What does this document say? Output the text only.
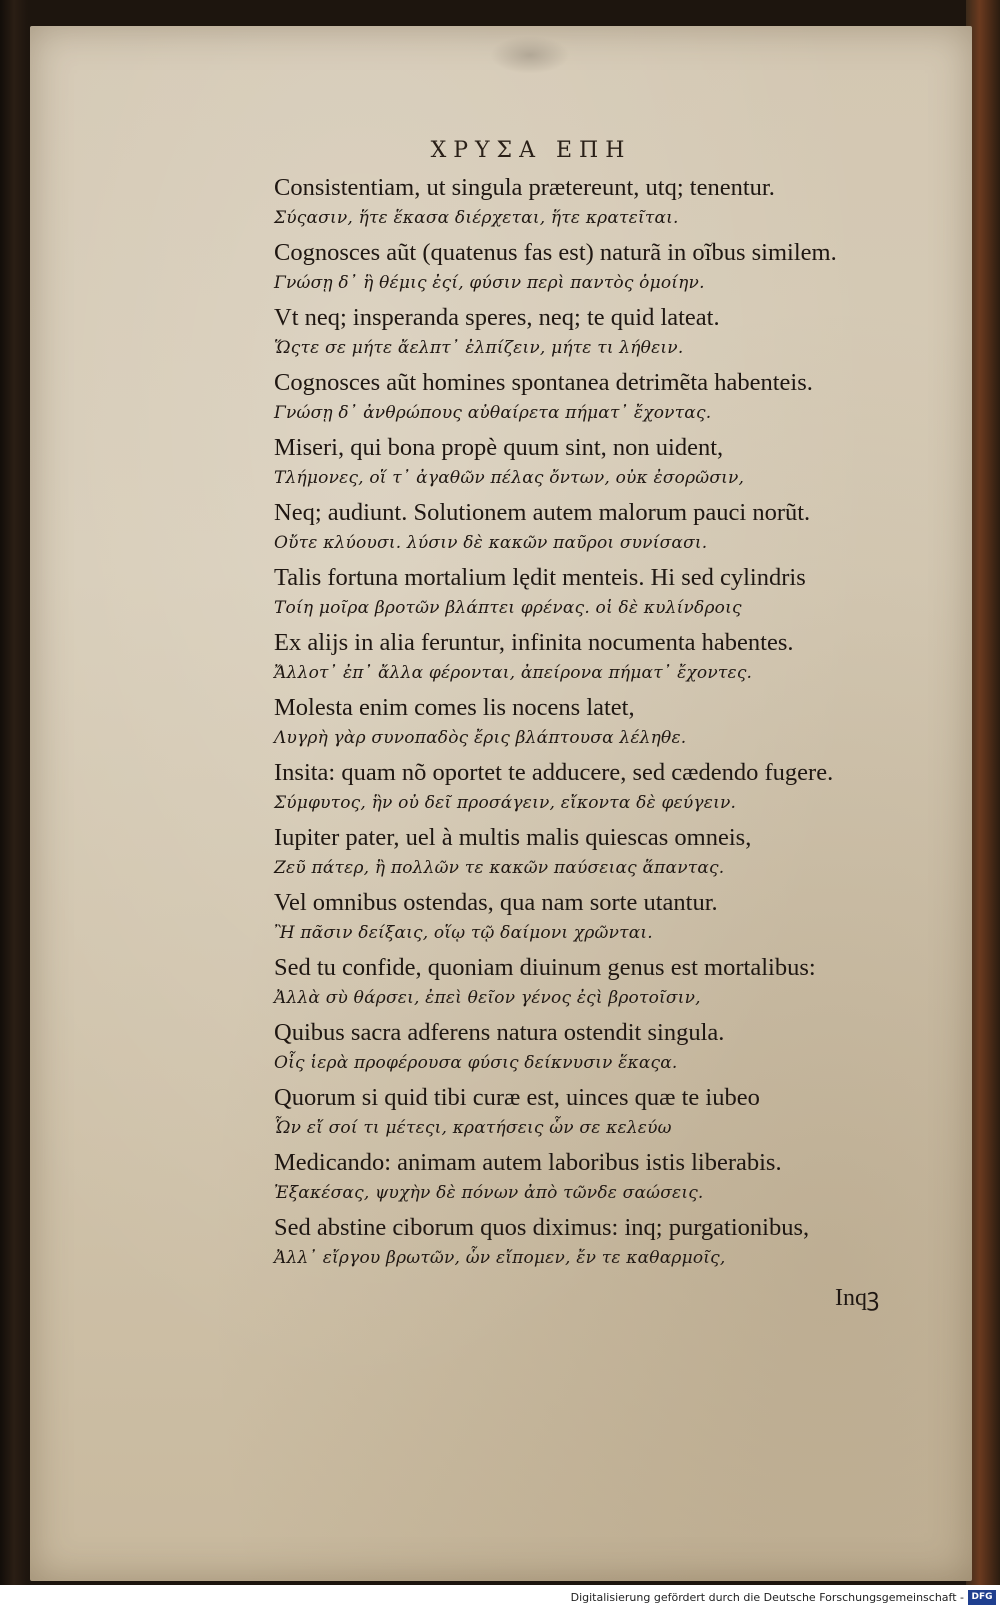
ΧΡΥΣΑ ΕΠΗ
Consistentiam, ut singula prætereunt, utq; tenentur.
Σύςασιν, ἥτε ἕκασα διέρχεται, ἥτε κρατεῖται.
Cognosces aũt (quatenus fas est) naturã in oĩbus similem.
Γνώσῃ δ᾽ ἣ θέμις ἐςί, φύσιν περὶ παντὸς ὁμοίην.
Vt neq; insperanda speres, neq; te quid lateat.
Ὥςτε σε μήτε ἄελπτ᾽ ἐλπίζειν, μήτε τι λήθειν.
Cognosces aũt homines spontanea detrimẽta habenteis.
Γνώσῃ δ᾽ ἀνθρώπους αὐθαίρετα πήματ᾽ ἔχοντας.
Miseri, qui bona propè quum sint, non uident,
Τλήμονες, οἵ τ᾽ ἀγαθῶν πέλας ὄντων, οὐκ ἐσορῶσιν,
Neq; audiunt. Solutionem autem malorum pauci norũt.
Οὔτε κλύουσι. λύσιν δὲ κακῶν παῦροι συνίσασι.
Talis fortuna mortalium lędit menteis. Hi sed cylindris
Τοίη μοῖρα βροτῶν βλάπτει φρένας. οἱ δὲ κυλίνδροις
Ex alijs in alia feruntur, infinita nocumenta habentes.
Ἄλλοτ᾽ ἐπ᾽ ἄλλα φέρονται, ἀπείρονα πήματ᾽ ἔχοντες.
Molesta enim comes lis nocens latet,
Λυγρὴ γὰρ συνοπαδὸς ἔρις βλάπτουσα λέληθε.
Insita: quam nõ oportet te adducere, sed cædendo fugere.
Σύμφυτος, ἣν οὐ δεῖ προσάγειν, εἴκοντα δὲ φεύγειν.
Iupiter pater, uel à multis malis quiescas omneis,
Ζεῦ πάτερ, ἢ πολλῶν τε κακῶν παύσειας ἅπαντας.
Vel omnibus ostendas, qua nam sorte utantur.
Ἢ πᾶσιν δείξαις, οἵῳ τῷ δαίμονι χρῶνται.
Sed tu confide, quoniam diuinum genus est mortalibus:
Ἀλλὰ σὺ θάρσει, ἐπεὶ θεῖον γένος ἐςὶ βροτοῖσιν,
Quibus sacra adferens natura ostendit singula.
Οἷς ἱερὰ προφέρουσα φύσις δείκνυσιν ἕκαςα.
Quorum si quid tibi curæ est, uinces quæ te iubeo
Ὧν εἴ σοί τι μέτεςι, κρατήσεις ὧν σε κελεύω
Medicando: animam autem laboribus istis liberabis.
Ἐξακέσας, ψυχὴν δὲ πόνων ἀπὸ τῶνδε σαώσεις.
Sed abstine ciborum quos diximus: inq; purgationibus,
Ἀλλ᾽ εἴργου βρωτῶν, ὧν εἴπομεν, ἔν τε καθαρμοῖς,
Inqꝫ
Digitalisierung gefördert durch die Deutsche Forschungsgemeinschaft - DFG
